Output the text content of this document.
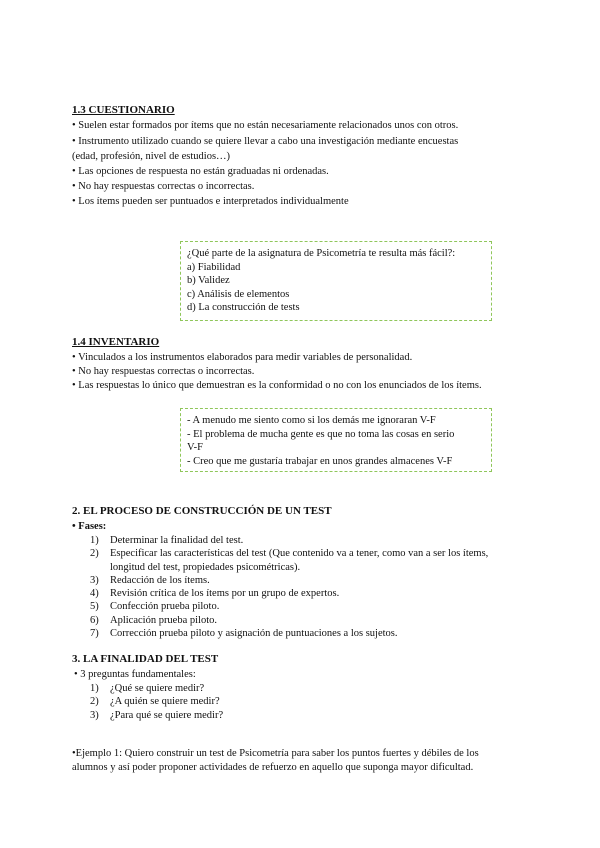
1.3 CUESTIONARIO
• Suelen estar formados por ítems que no están necesariamente relacionados unos con otros.
• Instrumento utilizado cuando se quiere llevar a cabo una investigación mediante encuestas
(edad, profesión, nivel de estudios…)
• Las opciones de respuesta no están graduadas ni ordenadas.
• No hay respuestas correctas o incorrectas.
• Los ítems pueden ser puntuados e interpretados individualmente
¿Qué parte de la asignatura de Psicometría te resulta más fácil?:
a) Fiabilidad
b) Validez
c) Análisis de elementos
d) La construcción de tests
1.4 INVENTARIO
• Vinculados a los instrumentos elaborados para medir variables de personalidad.
• No hay respuestas correctas o incorrectas.
• Las respuestas lo único que demuestran es la conformidad o no con los enunciados de los ítems.
- A menudo me siento como si los demás me ignoraran V-F
- El problema de mucha gente es que no toma las cosas en serio
V-F
- Creo que me gustaría trabajar en unos grandes almacenes V-F
2. EL PROCESO DE CONSTRUCCIÓN DE UN TEST
• Fases:
1) Determinar la finalidad del test.
2) Especificar las características del test (Que contenido va a tener, como van a ser los ítems,
longitud del test, propiedades psicométricas).
3) Redacción de los ítems.
4) Revisión crítica de los ítems por un grupo de expertos.
5) Confección prueba piloto.
6) Aplicación prueba piloto.
7) Corrección prueba piloto y asignación de puntuaciones a los sujetos.
3. LA FINALIDAD DEL TEST
• 3 preguntas fundamentales:
1) ¿Qué se quiere medir?
2) ¿A quién se quiere medir?
3) ¿Para qué se quiere medir?
•Ejemplo 1: Quiero construir un test de Psicometría para saber los puntos fuertes y débiles de los
alumnos y así poder proponer actividades de refuerzo en aquello que suponga mayor dificultad.
